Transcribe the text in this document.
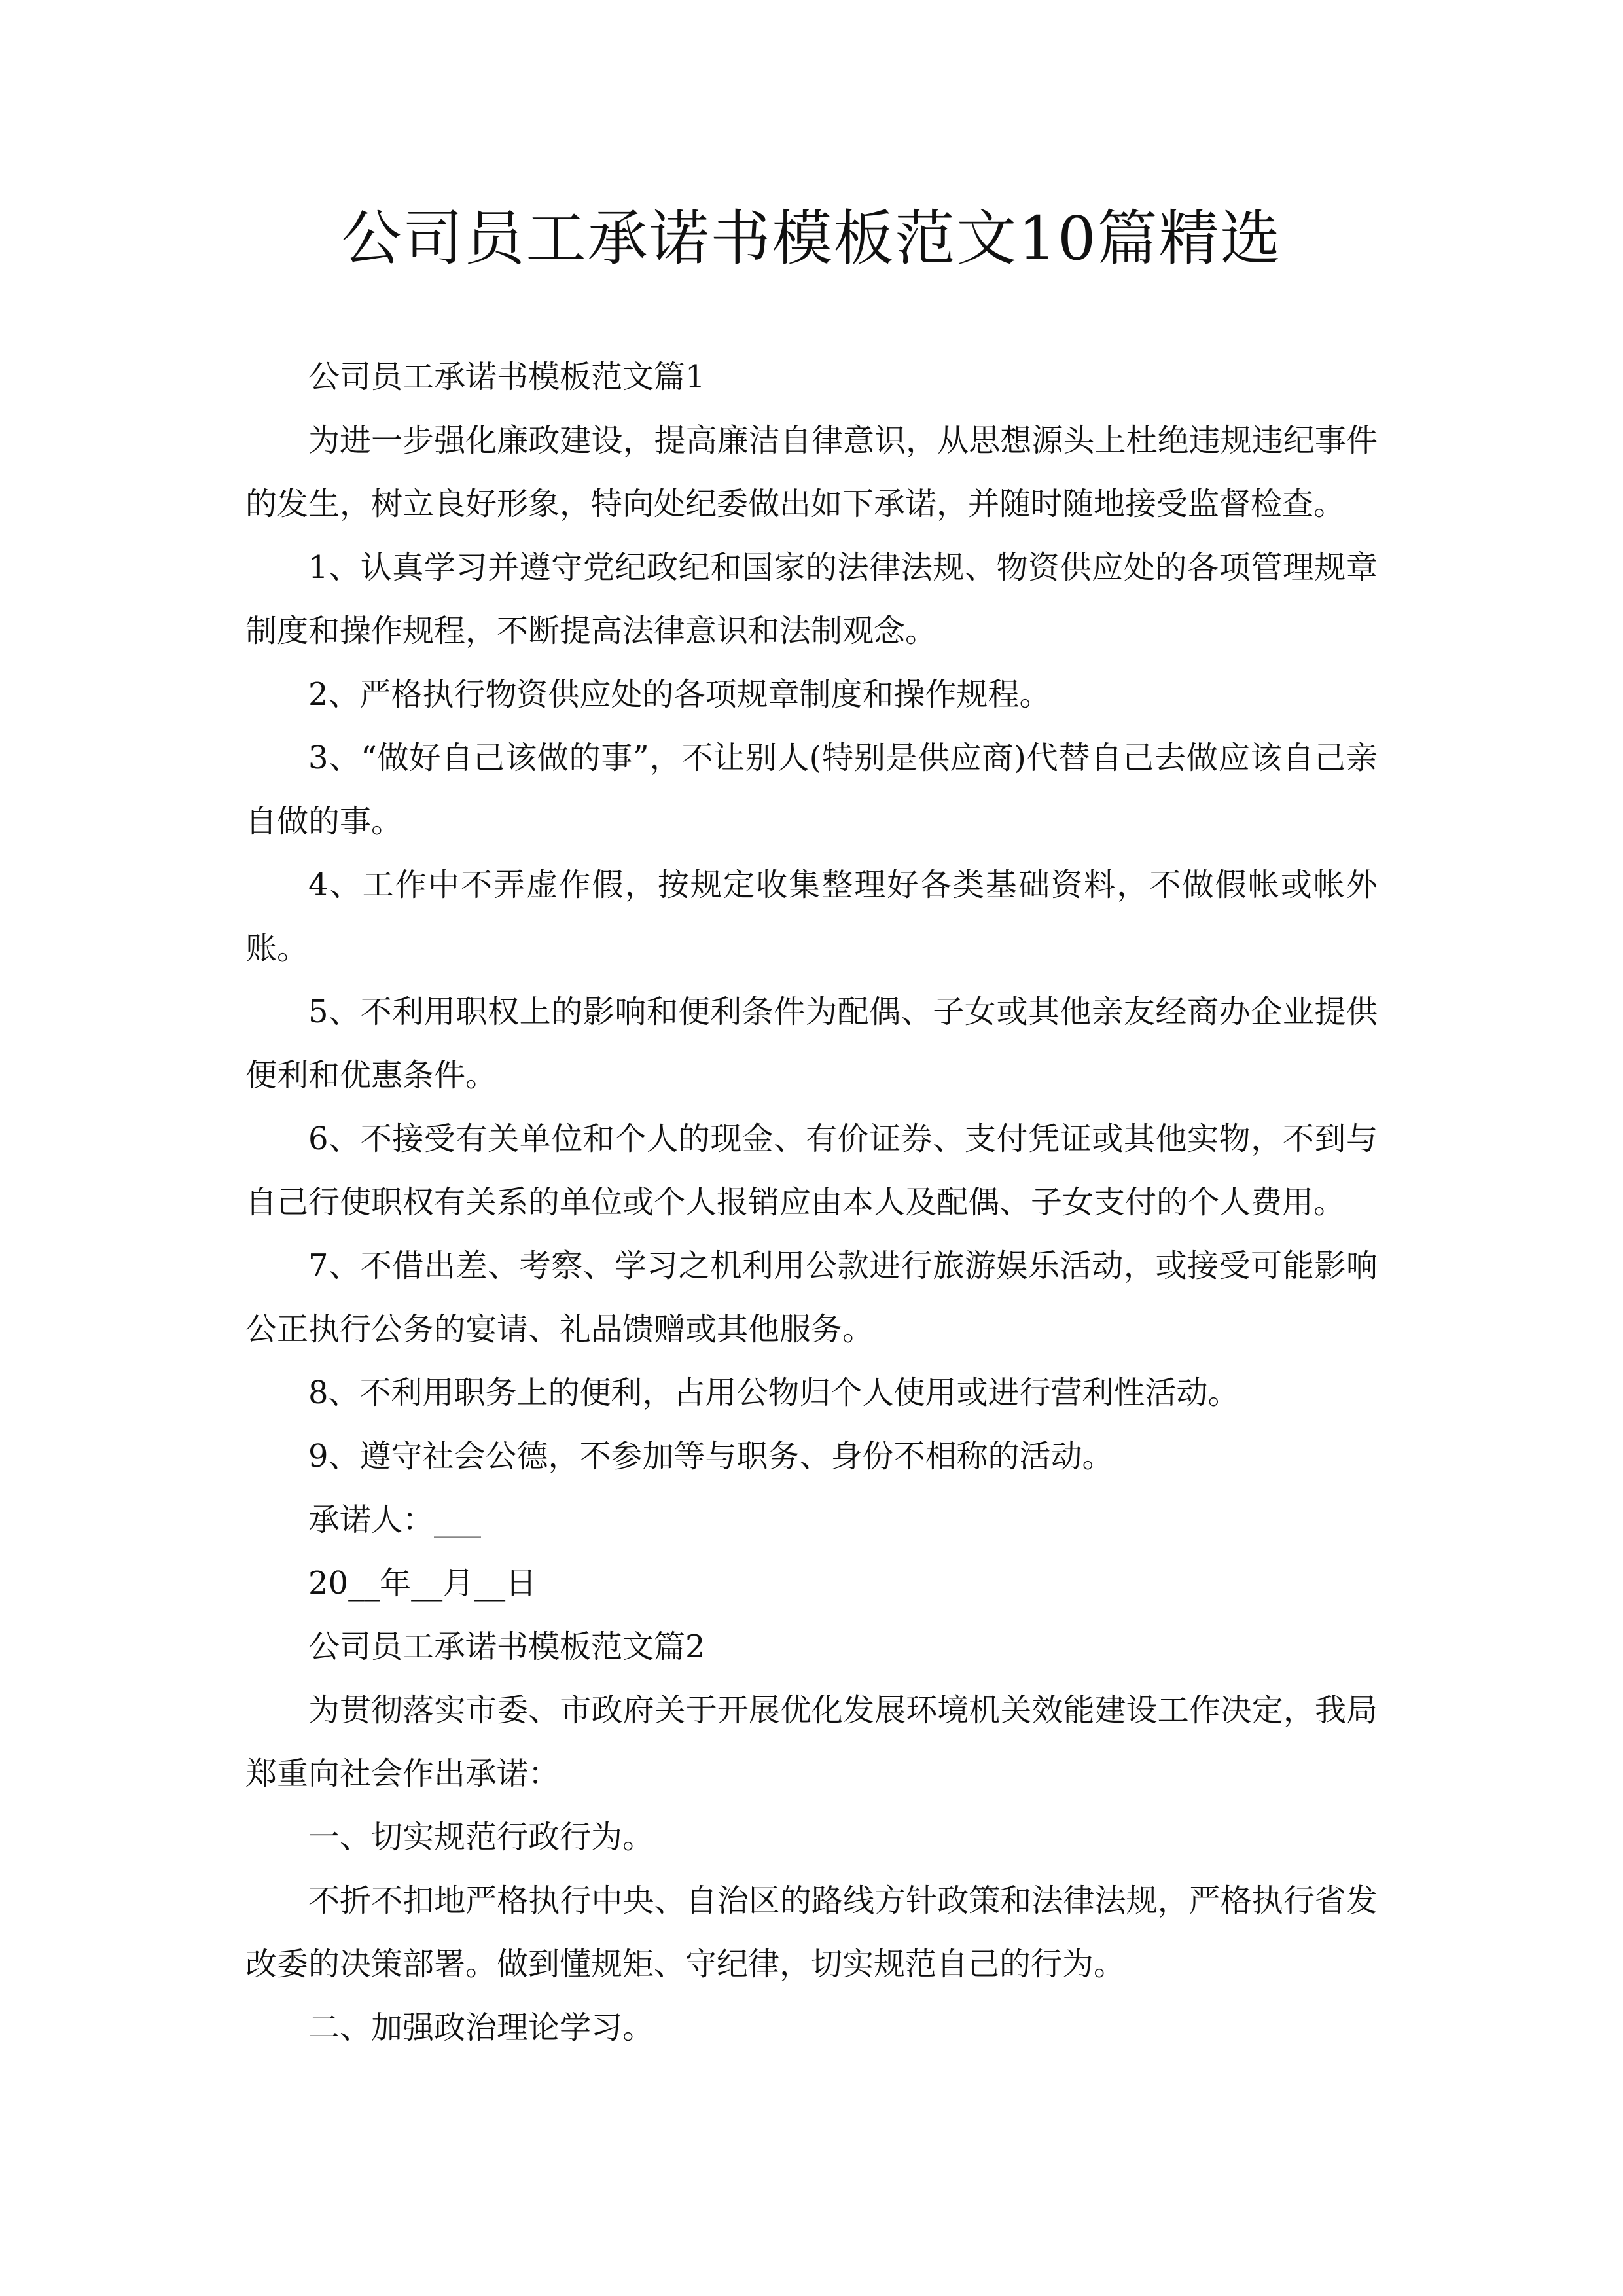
公司员工承诺书模板范文10篇精选

公司员工承诺书模板范文篇1

为进一步强化廉政建设，提高廉洁自律意识，从思想源头上杜绝违规违纪事件的发生，树立良好形象，特向处纪委做出如下承诺，并随时随地接受监督检查。

1、认真学习并遵守党纪政纪和国家的法律法规、物资供应处的各项管理规章制度和操作规程，不断提高法律意识和法制观念。

2、严格执行物资供应处的各项规章制度和操作规程。

3、“做好自己该做的事”，不让别人(特别是供应商)代替自己去做应该自己亲自做的事。

4、工作中不弄虚作假，按规定收集整理好各类基础资料，不做假帐或帐外账。

5、不利用职权上的影响和便利条件为配偶、子女或其他亲友经商办企业提供便利和优惠条件。

6、不接受有关单位和个人的现金、有价证券、支付凭证或其他实物，不到与自己行使职权有关系的单位或个人报销应由本人及配偶、子女支付的个人费用。

7、不借出差、考察、学习之机利用公款进行旅游娱乐活动，或接受可能影响公正执行公务的宴请、礼品馈赠或其他服务。

8、不利用职务上的便利，占用公物归个人使用或进行营利性活动。

9、遵守社会公德，不参加等与职务、身份不相称的活动。

承诺人：___

20__年__月__日

公司员工承诺书模板范文篇2

为贯彻落实市委、市政府关于开展优化发展环境机关效能建设工作决定，我局郑重向社会作出承诺：

一、切实规范行政行为。

不折不扣地严格执行中央、自治区的路线方针政策和法律法规，严格执行省发改委的决策部署。做到懂规矩、守纪律，切实规范自己的行为。

二、加强政治理论学习。
